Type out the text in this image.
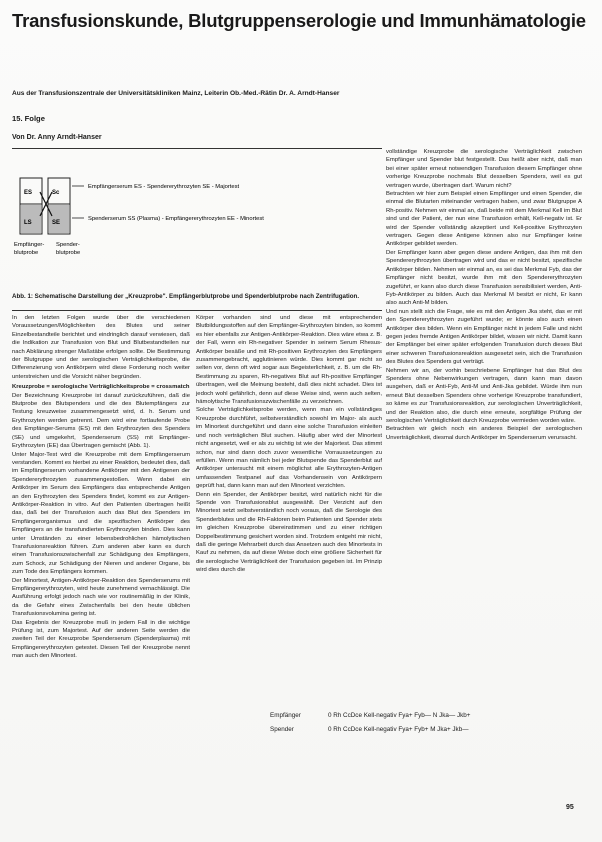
Transfusionskunde, Blutgruppenserologie und Immunhämatologie
Aus der Transfusionszentrale der Universitätskliniken Mainz, Leiterin Ob.-Med.-Rätin Dr. A. Arndt-Hanser
15. Folge
Von Dr. Anny Arndt-Hanser
ES	Sc
LS	SE
Empfängerserum ES - Spendererythrozyten SE - Majortest
Spenderserum SS (Plasma) - Empfängererythrozyten EE - Minortest
Empfänger-blutprobe
Spender-blutprobe
Abb. 1: Schematische Darstellung der „Kreuzprobe". Empfängerblutprobe und Spenderblutprobe nach Zentrifugation.

In den letzten Folgen wurde über die verschiedenen Voraussetzungen/Möglichkeiten des Blutes und seiner Einzelbestandteile berichtet und eindringlich darauf verwiesen, daß die Indikation zur Transfusion von Blut und Blutbestandteilen nur nach Abklärung strenger Maßstäbe erfolgen sollte. Die Bestimmung der Blutgruppe und der serologischen Verträglichkeitsprobe, die Differenzierung von Antikörpern wird diese Forderung noch weiter unterstreichen und die Vorsicht näher begründen.

Kreuzprobe = serologische Verträglichkeitsprobe = crossmatch

Der Bezeichnung Kreuzprobe ist darauf zurückzuführen, daß die Blutprobe des Blutspenders und die des Blutempfängers zur Testung kreuzweise zusammengesetzt wird, d. h. Serum und Erythrozyten werden getrennt. Dem wird eine fortlaufende Probe des Empfänger-Serums (ES) mit den Erythrozyten des Spenders (SE) und umgekehrt, Spenderserum (SS) mit Empfänger-Erythrozyten (EE) das Übertragen gemischt (Abb. 1).

Unter Major-Test wird die Kreuzprobe mit dem Empfängerserum verstanden. Kommt es hierbei zu einer Reaktion, bedeutet dies, daß im Empfängerserum vorhandene Antikörper mit den Antigenen der Spendererythrozyten zusammengestoßen. Wenn dabei ein Antikörper im Serum des Empfängers das entsprechende Antigen an den Erythrozyten des Spenders findet, kommt es zur Antigen-Antikörper-Reaktion in vitro. Auf den Patienten übertragen heißt das, daß bei der Transfusion auch das Blut des Spenders im Empfängerorganismus und die spezifischen Antikörper des Empfängers an die transfundierten Erythrozyten binden. Dies kann unter Umständen zu einer lebensbedrohlichen hämolytischen Transfusionsreaktion führen. Zum anderen aber kann es durch einen Transfusionszwischenfall zur Schädigung des Empfängers, zum Schock, zur Schädigung der Nieren und anderer Organe, bis zum Tode des Empfängers kommen.

Der Minortest, Antigen-Antikörper-Reaktion des Spenderserums mit Empfängererythrozyten, wird heute zunehmend vernachlässigt. Die Ausführung erfolgt jedoch nach wie vor routinemäßig in der Klinik, da die Gefahr eines Zwischenfalls bei den heute üblichen Transfusionsvolumina gering ist.

Das Ergebnis der Kreuzprobe muß in jedem Fall in die wichtige Prüfung ist, zum Majortest. Auf der anderen Seite werden die zweiten Teil der Kreuzprobe Spenderserum (Spenderplasma) mit Empfängererythrozyten getestet. Diesen Teil der Kreuzprobe nennt man auch den Minortest.

Körper vorhanden sind und diese mit entsprechenden Blutbildungsstoffen auf den Empfänger-Erythrozyten binden, so kommt es hier ebenfalls zur Antigen-Antikörper-Reaktion. Dies wäre etwa z. B. der Fall, wenn ein Rh-negativer Spender in seinem Serum Rhesus-Antikörper besäße und mit Rh-positiven Erythrozyten des Empfängers zusammengebracht, agglutinieren würde. Dies kommt gar nicht so selten vor, denn oft wird sogar aus Begeisterlichkeit, z. B. um die Rh-Bestimmung zu sparen, Rh-negatives Blut auf Rh-positive Empfänger übertragen, weil die Meinung besteht, daß dies nicht schadet. Dies ist jedoch wohl gefährlich, denn auf diese Weise sind, wenn auch selten, hämolytische Transfusionszwischenfälle zu verzeichnen.

Solche Verträglichkeitsprobe werden, wenn man ein vollständiges Kreuzprobe durchführt, selbstverständlich sowohl im Major- als auch im Minortest durchgeführt und dann eine solche Transfusion einleiten und noch verträglichen Blut suchen. Häufig aber wird der Minortest nicht angesetzt, weil er als zu wichtig ist wie der Majortest. Das stimmt schon, nur sind dann doch zuvor wesentliche Vorraussetzungen zu erfüllen. Wenn man nämlich bei jeder Blutspende das Spenderblut auf Antikörper untersucht mit einem möglichst alle Erythrozyten-Antigen umfassenden Testpanel auf das Vorhandensein von Antikörpern geprüft hat, dann kann man auf den Minortest verzichten.

Denn ein Spender, der Antikörper besitzt, wird natürlich nicht für die Spende von Transfusionsblut ausgewählt. Der Verzicht auf den Minortest setzt selbstverständlich noch voraus, daß die Serologie des Spenderblutes und die Rh-Faktoren beim Patienten und Spender stets im gleichen Kreuzprobe übereinstimmen und zu einer richtigen Doppelbestimmung gesichert worden sind. Trotzdem entgeht mir nicht, daß die geringe Mehrarbeit durch das Ansetzen auch des Minortests in Kauf zu nehmen, da auf diese Weise doch eine größere Sicherheit für die serologische Verträglichkeit der Transfusion gegeben ist. Im Prinzip wird dies durch die

vollständige Kreuzprobe die serologische Verträglichkeit zwischen Empfänger und Spender blut festgestellt. Das heißt aber nicht, daß man bei einer später erneut notwendigen Transfusion diesem Empfänger ohne vorherige Kreuzprobe nochmals Blut desselben Spenders, weil es gut vertragen wurde, übertragen darf. Warum nicht?

Betrachten wir hier zum Beispiel einen Empfänger und einen Spender, die einmal die Blutarten miteinander vertragen haben, und zwar Blutgruppe A Rh-positiv. Nehmen wir einmal an, daß beide mit dem Merkmal Kell im Blut sind und der Patient, der nun eine Transfusion erhält, Kell-negativ ist. Er wird der Spender vollständig akzeptiert und Kell-positive Erythrozyten vertragen. Gegen diese Antigene können also nur Empfänger keine Antikörper gebildet werden.

Der Empfänger kann aber gegen diese andere Antigen, das ihm mit den Spendererythrozyten übertragen wird und das er nicht besitzt, spezifische Antikörper bilden. Nehmen wir einmal an, es sei das Merkmal Fyb, das der Empfänger nicht besitzt, wurde ihm mit den Spendererythrozyten zugeführt, er kann also durch diese Transfusion sensibilisiert werden, Anti-Fyb-Antikörper zu bilden. Auch das Merkmal M besitzt er nicht, Er kann also auch Anti-M bilden.

Und nun stellt sich die Frage, wie es mit den Antigen Jka steht, das er mit den Spendererythrozyten zugeführt wurde; er könnte also auch einen Antikörper dies bilden. Wenn ein Empfänger nicht in jedem Falle und nicht gegen jedes fremde Antigen Antikörper bildet, wissen wir nicht. Damit kann der Empfänger bei einer später erfolgenden Transfusion durch dieses Blut einer schweren Transfusionsreaktion ausgesetzt sein, sich die Transfusion des Blutes des Spenders gut verträgt.

Nehmen wir an, der vorhin beschriebene Empfänger hat das Blut des Spenders ohne Nebenwirkungen vertragen, dann kann man davon ausgehen, daß er Anti-Fyb, Anti-M und Anti-Jka gebildet. Würde ihm nun erneut Blut desselben Spenders ohne vorherige Kreuzprobe transfundiert, so käme es zur Transfusionsreaktion, zur serologischen Unverträglichkeit, und der Reaktion also, die durch eine erneute, sorgfältige Prüfung der serologischen Verträglichkeit durch Kreuzprobe vermieden worden wäre.

Betrachten wir gleich noch ein anderes Beispiel der serologischen Unverträglichkeit, diesmal durch Antikörper im Spenderserum verursacht.

Empfänger	0 Rh CcDce Kell-negativ Fya+ Fyb— N Jka— Jkb+
Spender	0 Rh CcDce Kell-negativ Fya+ Fyb+ M Jka+ Jkb—
95
